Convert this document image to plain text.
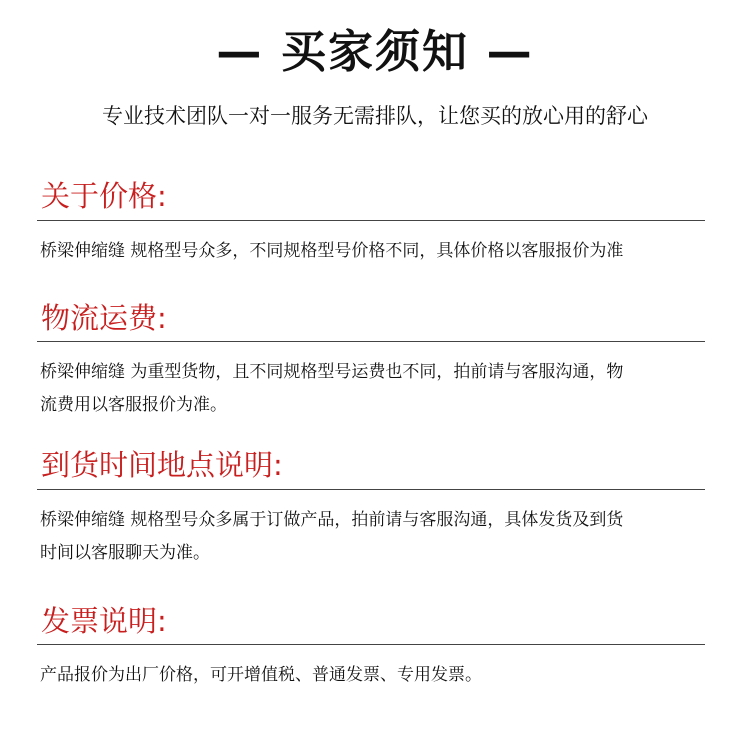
— 买家须知 —
专业技术团队一对一服务无需排队，让您买的放心用的舒心
关于价格:
桥梁伸缩缝 规格型号众多，不同规格型号价格不同，具体价格以客服报价为准
物流运费:
桥梁伸缩缝 为重型货物，且不同规格型号运费也不同，拍前请与客服沟通，物
流费用以客服报价为准。
到货时间地点说明:
桥梁伸缩缝 规格型号众多属于订做产品，拍前请与客服沟通，具体发货及到货
时间以客服聊天为准。
发票说明:
产品报价为出厂价格，可开增值税、普通发票、专用发票。
